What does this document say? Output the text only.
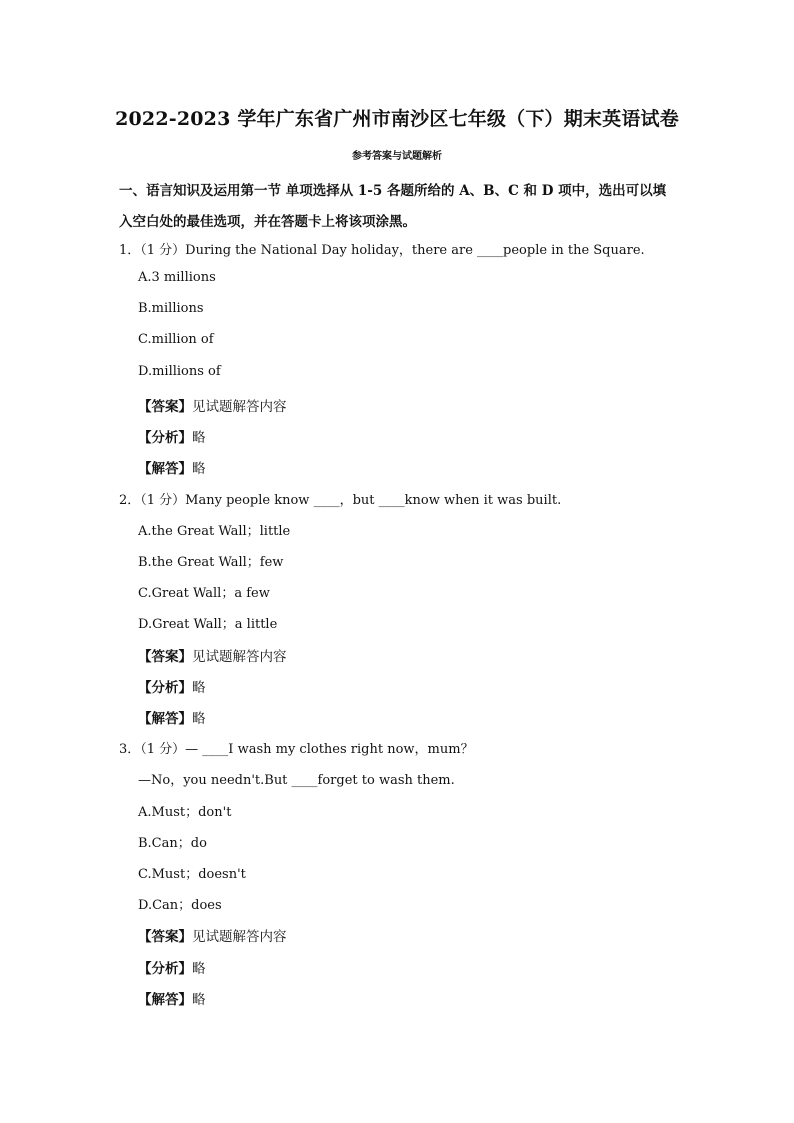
2022-2023 学年广东省广州市南沙区七年级（下）期末英语试卷
参考答案与试题解析
一、语言知识及运用第一节 单项选择从 1-5 各题所给的 A、B、C 和 D 项中，选出可以填入空白处的最佳选项，并在答题卡上将该项涂黑。
1．（1 分）During the National Day holiday，there are ____people in the Square.
A.3 millions
B.millions
C.million of
D.millions of
【答案】见试题解答内容
【分析】略
【解答】略
2．（1 分）Many people know ____，but ____know when it was built.
A.the Great Wall；little
B.the Great Wall；few
C.Great Wall；a few
D.Great Wall；a little
【答案】见试题解答内容
【分析】略
【解答】略
3．（1 分）— ____I wash my clothes right now，mum？
—No，you needn't.But ____forget to wash them.
A.Must；don't
B.Can；do
C.Must；doesn't
D.Can；does
【答案】见试题解答内容
【分析】略
【解答】略
